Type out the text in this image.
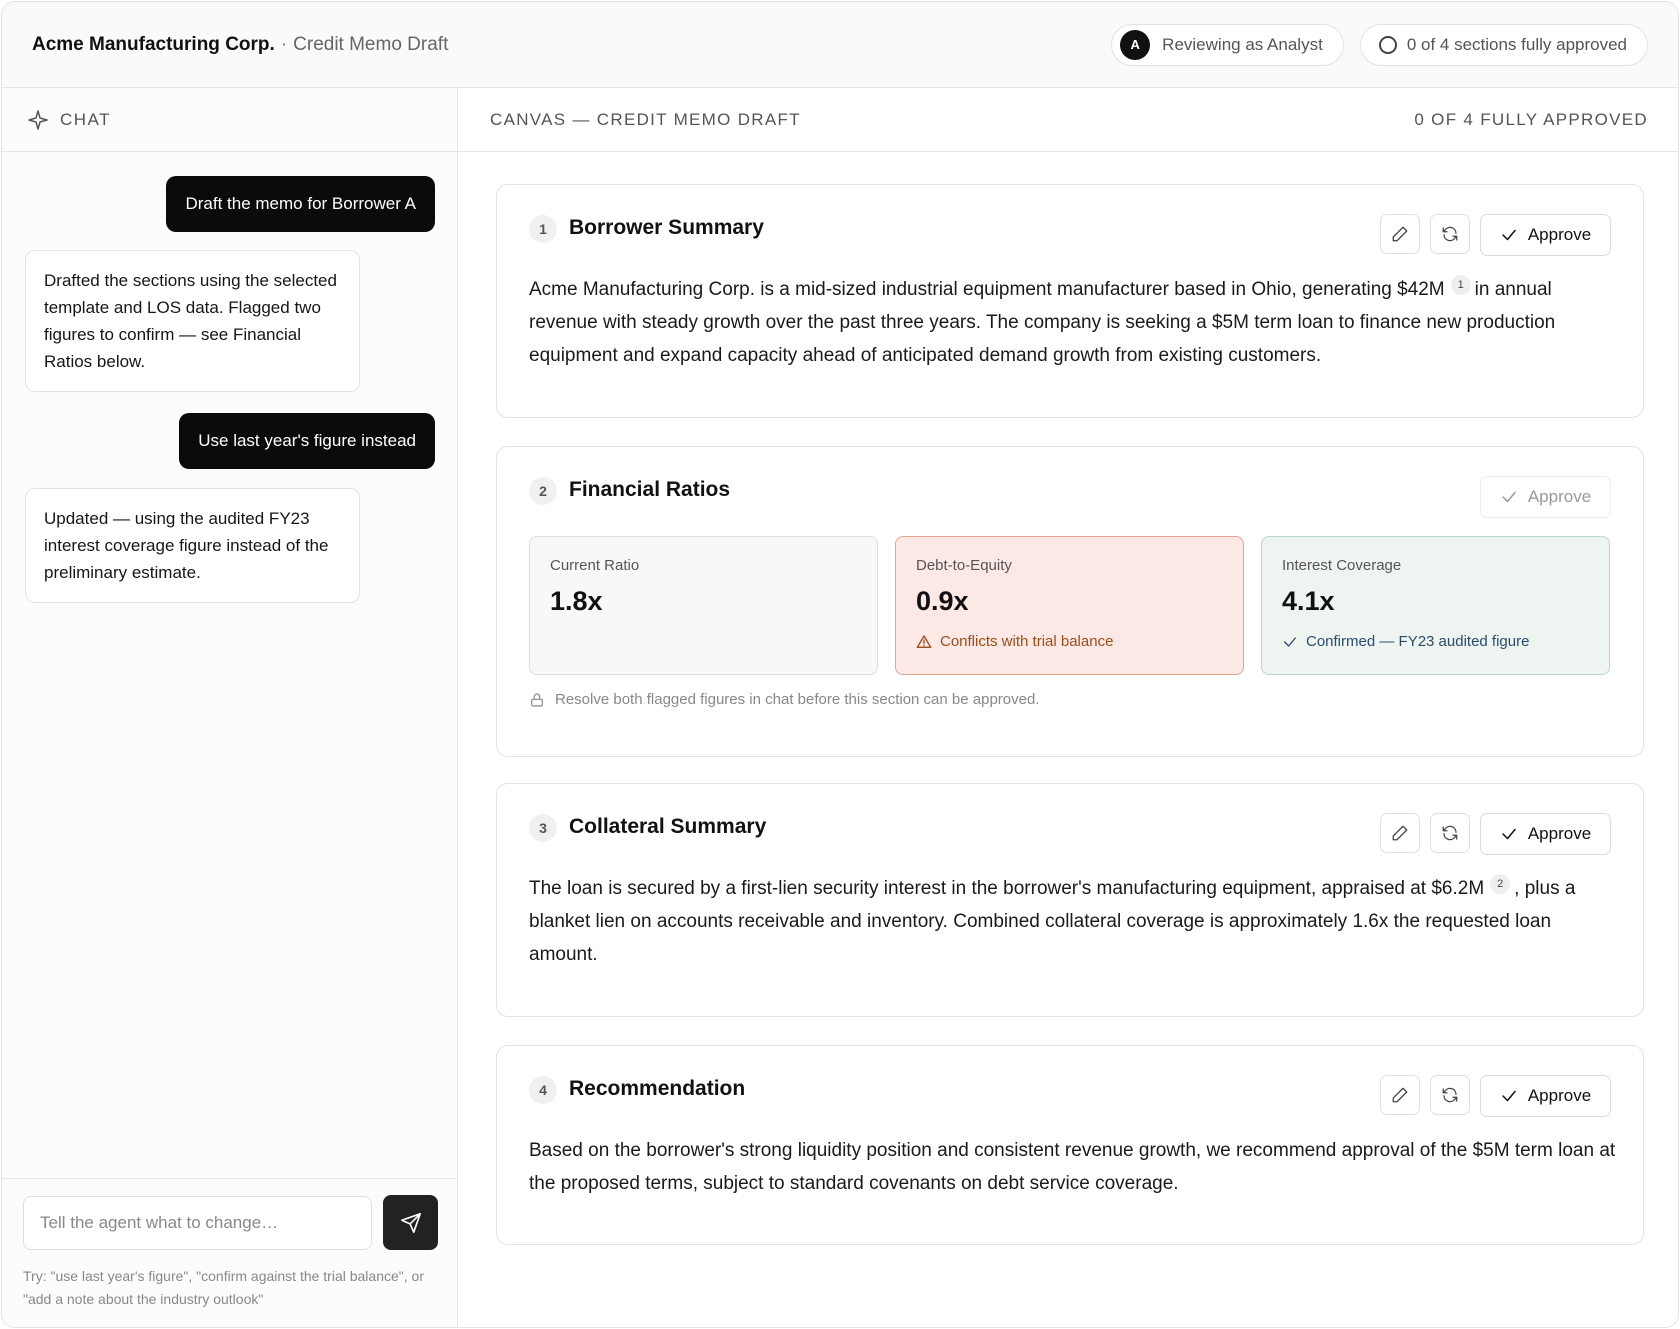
Acme Manufacturing Corp. · Credit Memo Draft	A	Reviewing as Analyst	0 of 4 sections fully approved
CHAT
Draft the memo for Borrower A
Drafted the sections using the selected template and LOS data. Flagged two figures to confirm — see Financial Ratios below.
Use last year's figure instead
Updated — using the audited FY23 interest coverage figure instead of the preliminary estimate.
Tell the agent what to change…
Try: "use last year's figure", "confirm against the trial balance", or "add a note about the industry outlook"
CANVAS — CREDIT MEMO DRAFT	0 OF 4 FULLY APPROVED
1	Borrower Summary	Approve
Acme Manufacturing Corp. is a mid-sized industrial equipment manufacturer based in Ohio, generating $42M 1 in annual revenue with steady growth over the past three years. The company is seeking a $5M term loan to finance new production equipment and expand capacity ahead of anticipated demand growth from existing customers.
2	Financial Ratios	Approve
Current Ratio
1.8x
Debt-to-Equity
0.9x
Conflicts with trial balance
Interest Coverage
4.1x
Confirmed — FY23 audited figure
Resolve both flagged figures in chat before this section can be approved.
3	Collateral Summary	Approve
The loan is secured by a first-lien security interest in the borrower's manufacturing equipment, appraised at $6.2M 2 , plus a blanket lien on accounts receivable and inventory. Combined collateral coverage is approximately 1.6x the requested loan amount.
4	Recommendation	Approve
Based on the borrower's strong liquidity position and consistent revenue growth, we recommend approval of the $5M term loan at the proposed terms, subject to standard covenants on debt service coverage.
